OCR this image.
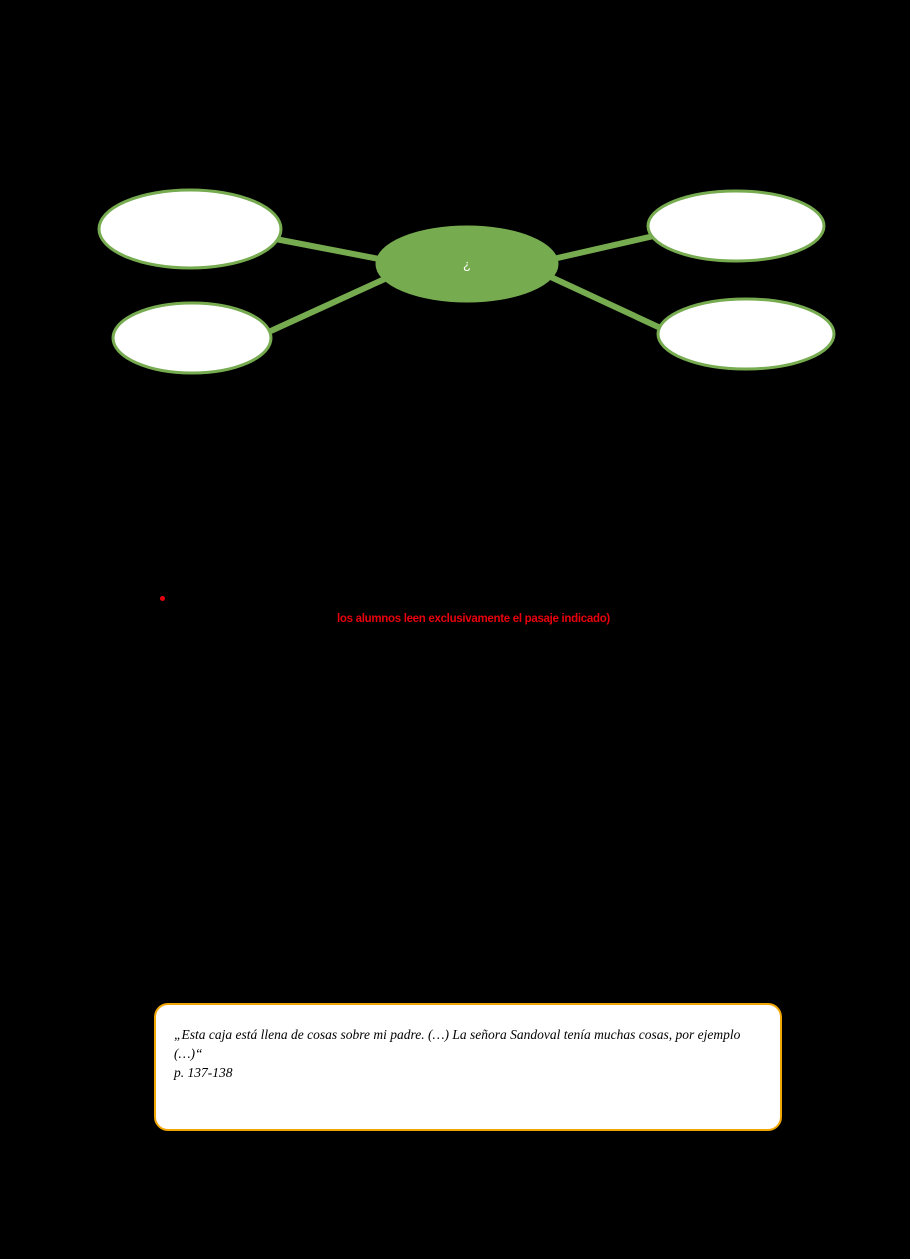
¿
los alumnos leen exclusivamente el pasaje indicado)

„Esta caja está llena de cosas sobre mi padre. (…) La señora Sandoval tenía muchas cosas, por ejemplo (…)“

p. 137-138
